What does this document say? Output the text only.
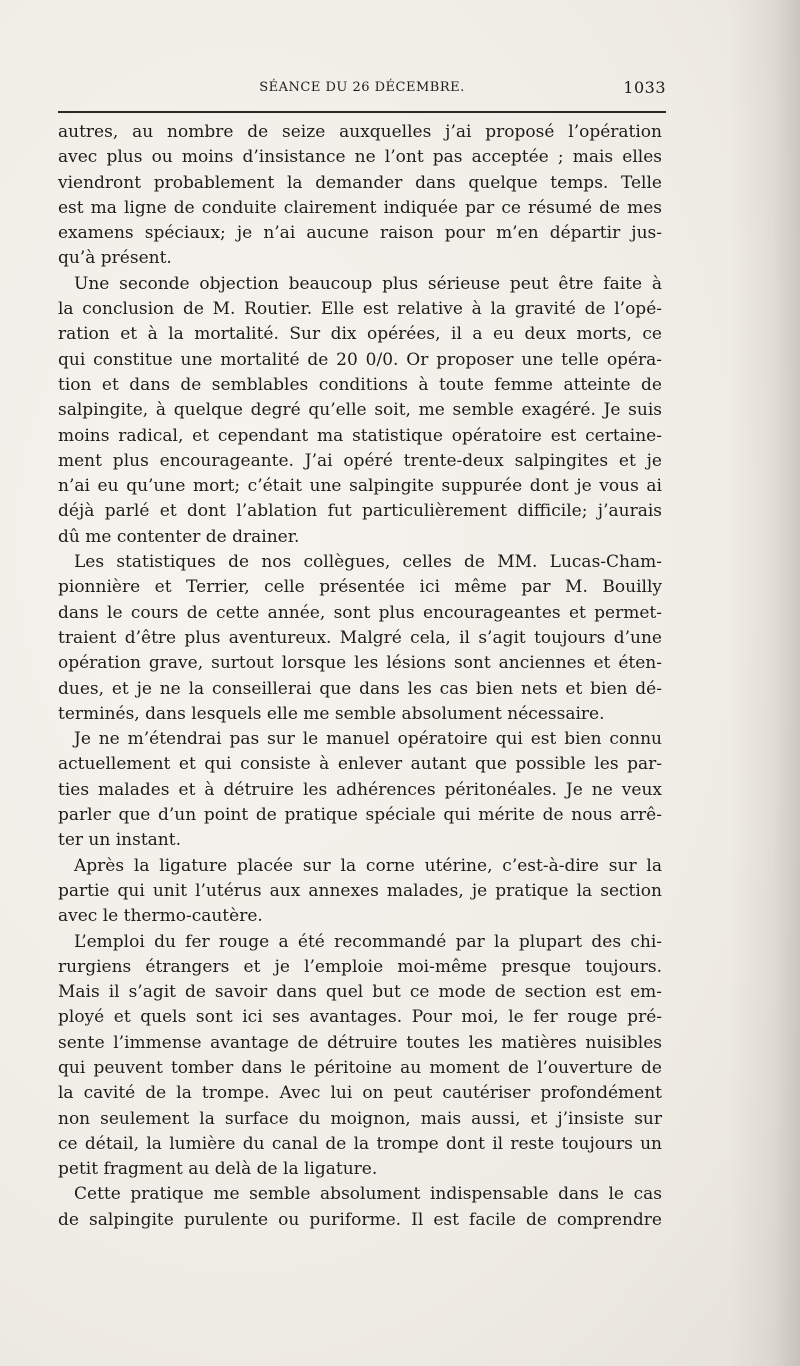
SÉANCE DU 26 DÉCEMBRE.	1033
autres, au nombre de seize auxquelles j’ai proposé l’opération
avec plus ou moins d’insistance ne l’ont pas acceptée ; mais elles
viendront probablement la demander dans quelque temps. Telle
est ma ligne de conduite clairement indiquée par ce résumé de mes
examens spéciaux; je n’ai aucune raison pour m’en départir jus-
qu’à présent.
Une seconde objection beaucoup plus sérieuse peut être faite à
la conclusion de M. Routier. Elle est relative à la gravité de l’opé-
ration et à la mortalité. Sur dix opérées, il a eu deux morts, ce
qui constitue une mortalité de 20 0/0. Or proposer une telle opéra-
tion et dans de semblables conditions à toute femme atteinte de
salpingite, à quelque degré qu’elle soit, me semble exagéré. Je suis
moins radical, et cependant ma statistique opératoire est certaine-
ment plus encourageante. J’ai opéré trente-deux salpingites et je
n’ai eu qu’une mort; c’était une salpingite suppurée dont je vous ai
déjà parlé et dont l’ablation fut particulièrement difficile; j’aurais
dû me contenter de drainer.
Les statistiques de nos collègues, celles de MM. Lucas-Cham-
pionnière et Terrier, celle présentée ici même par M. Bouilly
dans le cours de cette année, sont plus encourageantes et permet-
traient d’être plus aventureux. Malgré cela, il s’agit toujours d’une
opération grave, surtout lorsque les lésions sont anciennes et éten-
dues, et je ne la conseillerai que dans les cas bien nets et bien dé-
terminés, dans lesquels elle me semble absolument nécessaire.
Je ne m’étendrai pas sur le manuel opératoire qui est bien connu
actuellement et qui consiste à enlever autant que possible les par-
ties malades et à détruire les adhérences péritonéales. Je ne veux
parler que d’un point de pratique spéciale qui mérite de nous arrê-
ter un instant.
Après la ligature placée sur la corne utérine, c’est-à-dire sur la
partie qui unit l’utérus aux annexes malades, je pratique la section
avec le thermo-cautère.
L’emploi du fer rouge a été recommandé par la plupart des chi-
rurgiens étrangers et je l’emploie moi-même presque toujours.
Mais il s’agit de savoir dans quel but ce mode de section est em-
ployé et quels sont ici ses avantages. Pour moi, le fer rouge pré-
sente l’immense avantage de détruire toutes les matières nuisibles
qui peuvent tomber dans le péritoine au moment de l’ouverture de
la cavité de la trompe. Avec lui on peut cautériser profondément
non seulement la surface du moignon, mais aussi, et j’insiste sur
ce détail, la lumière du canal de la trompe dont il reste toujours un
petit fragment au delà de la ligature.
Cette pratique me semble absolument indispensable dans le cas
de salpingite purulente ou puriforme. Il est facile de comprendre
